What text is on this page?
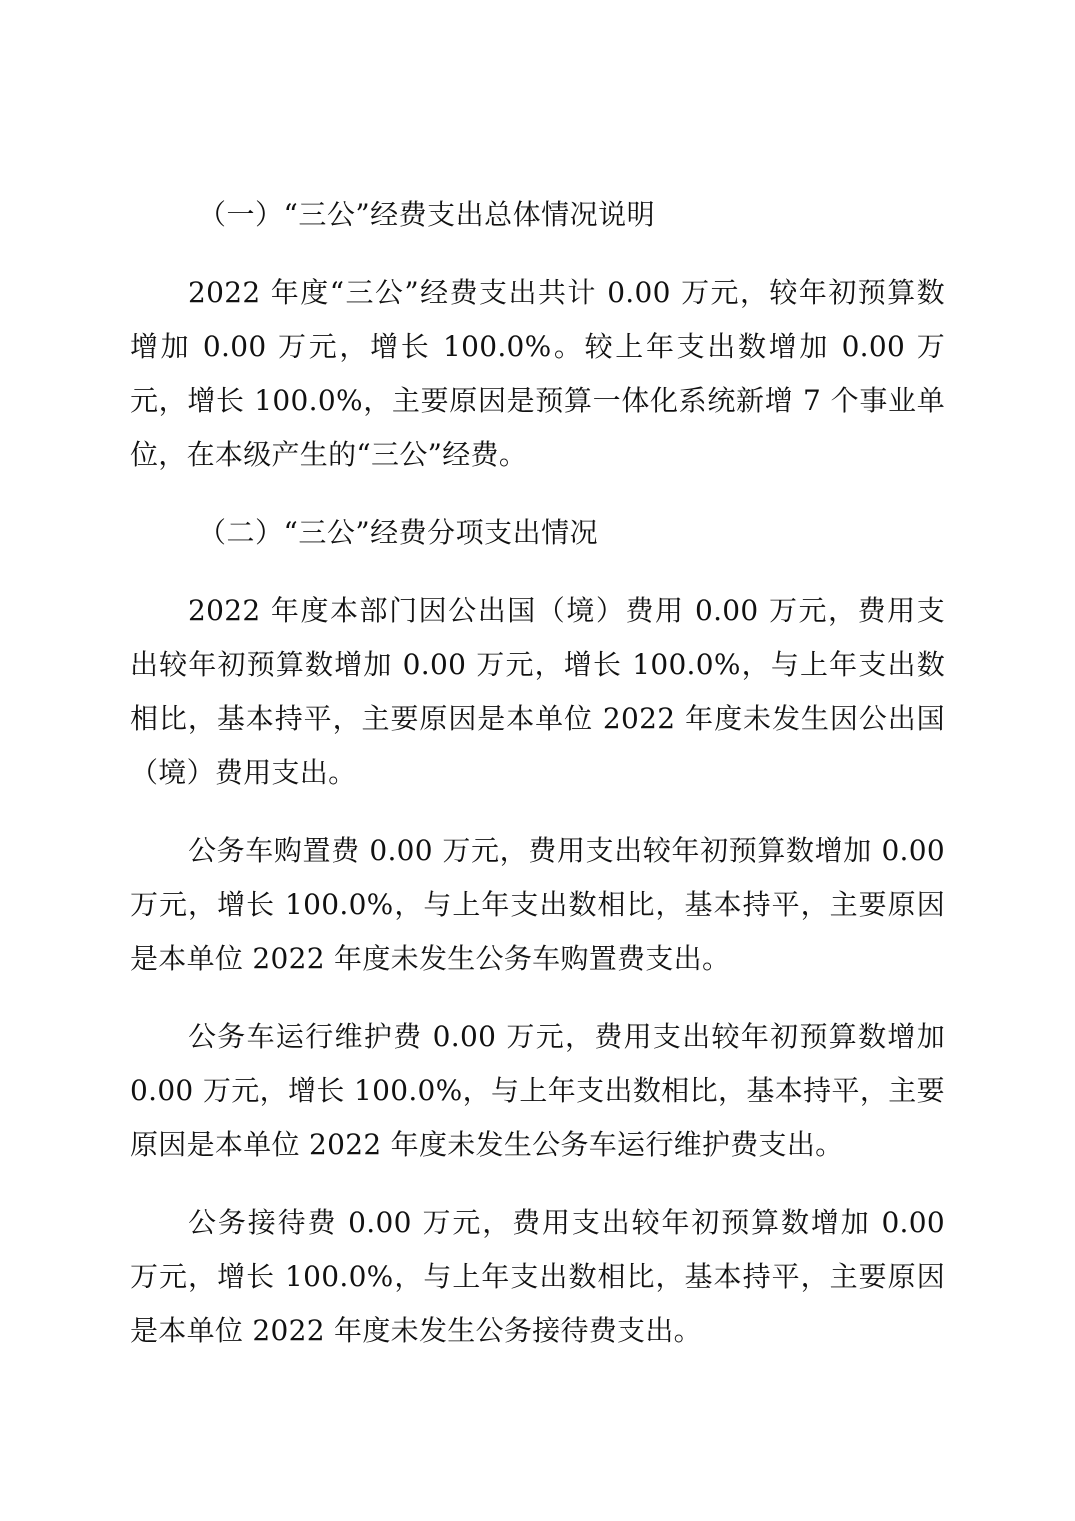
（一）“三公”经费支出总体情况说明

2022 年度“三公”经费支出共计 0.00 万元，较年初预算数增加 0.00 万元，增长 100.0%。较上年支出数增加 0.00 万元，增长 100.0%，主要原因是预算一体化系统新增 7 个事业单位，在本级产生的“三公”经费。

（二）“三公”经费分项支出情况

2022 年度本部门因公出国（境）费用 0.00 万元，费用支出较年初预算数增加 0.00 万元，增长 100.0%，与上年支出数相比，基本持平，主要原因是本单位 2022 年度未发生因公出国（境）费用支出。

公务车购置费 0.00 万元，费用支出较年初预算数增加 0.00 万元，增长 100.0%，与上年支出数相比，基本持平，主要原因是本单位 2022 年度未发生公务车购置费支出。

公务车运行维护费 0.00 万元，费用支出较年初预算数增加 0.00 万元，增长 100.0%，与上年支出数相比，基本持平，主要原因是本单位 2022 年度未发生公务车运行维护费支出。

公务接待费 0.00 万元，费用支出较年初预算数增加 0.00 万元，增长 100.0%，与上年支出数相比，基本持平，主要原因是本单位 2022 年度未发生公务接待费支出。
